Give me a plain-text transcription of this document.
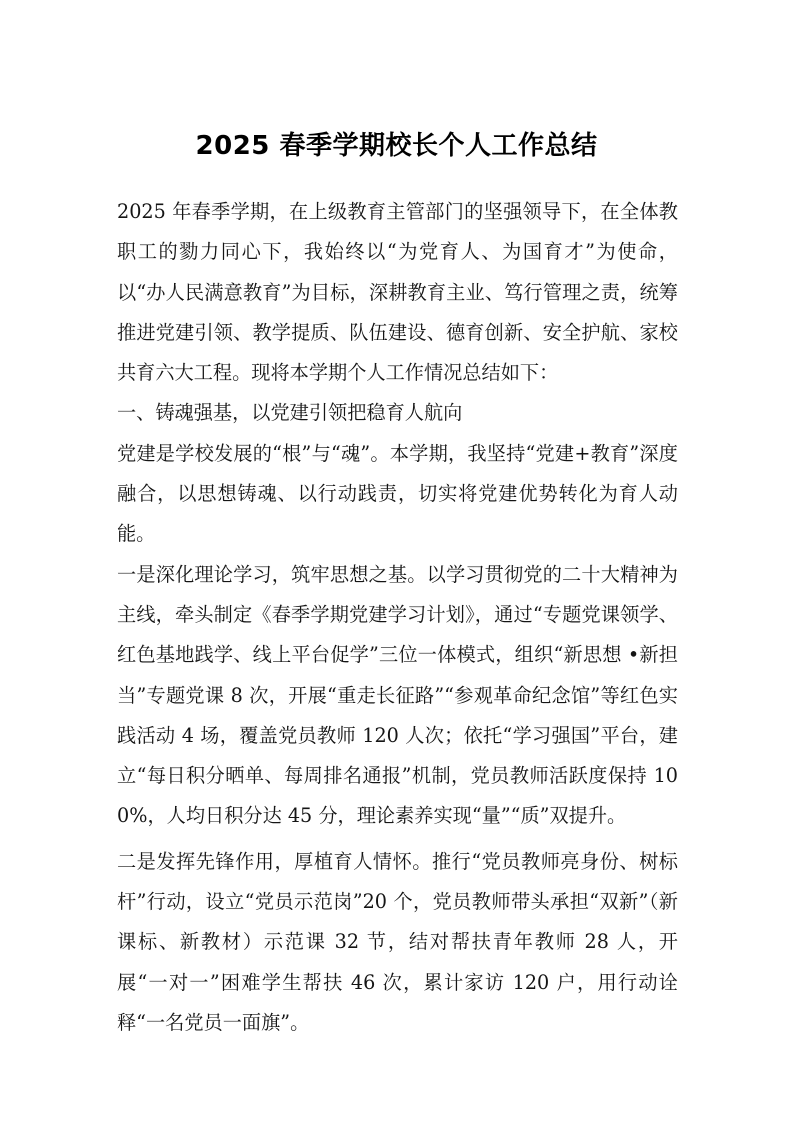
2025 春季学期校长个人工作总结

2025 年春季学期，在上级教育主管部门的坚强领导下，在全体教职工的勠力同心下，我始终以“为党育人、为国育才”为使命，以“办人民满意教育”为目标，深耕教育主业、笃行管理之责，统筹推进党建引领、教学提质、队伍建设、德育创新、安全护航、家校共育六大工程。现将本学期个人工作情况总结如下：

一、铸魂强基，以党建引领把稳育人航向

党建是学校发展的“根”与“魂”。本学期，我坚持“党建+教育”深度融合，以思想铸魂、以行动践责，切实将党建优势转化为育人动能。

一是深化理论学习，筑牢思想之基。以学习贯彻党的二十大精神为主线，牵头制定《春季学期党建学习计划》，通过“专题党课领学、红色基地践学、线上平台促学”三位一体模式，组织“新思想 •新担当”专题党课 8 次，开展“重走长征路”“参观革命纪念馆”等红色实践活动 4 场，覆盖党员教师 120 人次；依托“学习强国”平台，建立“每日积分晒单、每周排名通报”机制，党员教师活跃度保持 100%，人均日积分达 45 分，理论素养实现“量”“质”双提升。

二是发挥先锋作用，厚植育人情怀。推行“党员教师亮身份、树标杆”行动，设立“党员示范岗”20 个，党员教师带头承担“双新”（新课标、新教材）示范课 32 节，结对帮扶青年教师 28 人，开展“一对一”困难学生帮扶 46 次，累计家访 120 户，用行动诠释“一名党员一面旗”。
